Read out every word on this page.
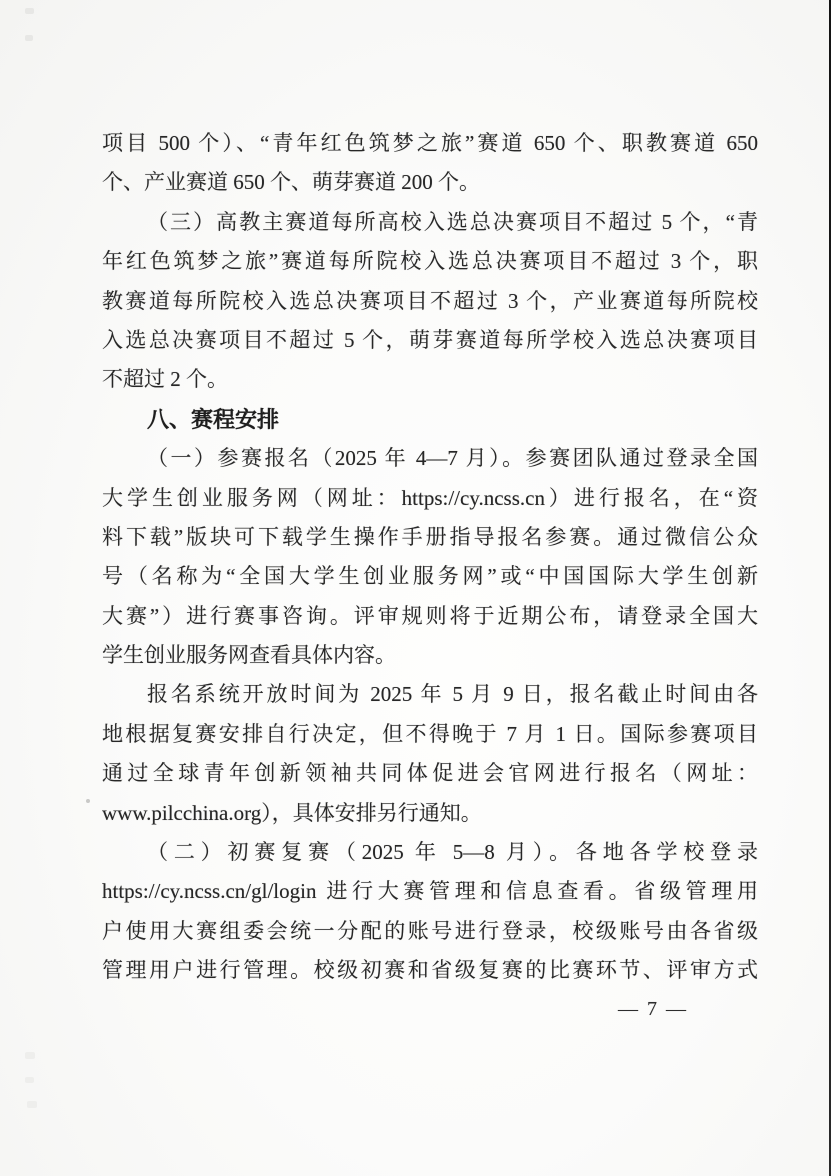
项目 500 个）、“青年红色筑梦之旅”赛道 650 个、职教赛道 650
个、产业赛道 650 个、萌芽赛道 200 个。
（三）高教主赛道每所高校入选总决赛项目不超过 5 个，“青
年红色筑梦之旅”赛道每所院校入选总决赛项目不超过 3 个，职
教赛道每所院校入选总决赛项目不超过 3 个，产业赛道每所院校
入选总决赛项目不超过 5 个，萌芽赛道每所学校入选总决赛项目
不超过 2 个。
八、赛程安排
（一）参赛报名（2025 年 4—7 月）。参赛团队通过登录全国
大学生创业服务网（网址：https://cy.ncss.cn）进行报名，在“资
料下载”版块可下载学生操作手册指导报名参赛。通过微信公众
号（名称为“全国大学生创业服务网”或“中国国际大学生创新
大赛”）进行赛事咨询。评审规则将于近期公布，请登录全国大
学生创业服务网查看具体内容。
报名系统开放时间为 2025 年 5 月 9 日，报名截止时间由各
地根据复赛安排自行决定，但不得晚于 7 月 1 日。国际参赛项目
通过全球青年创新领袖共同体促进会官网进行报名（网址：
www.pilcchina.org），具体安排另行通知。
（二）初赛复赛（2025 年 5—8 月）。各地各学校登录
https://cy.ncss.cn/gl/login 进行大赛管理和信息查看。省级管理用
户使用大赛组委会统一分配的账号进行登录，校级账号由各省级
管理用户进行管理。校级初赛和省级复赛的比赛环节、评审方式
— 7 —
